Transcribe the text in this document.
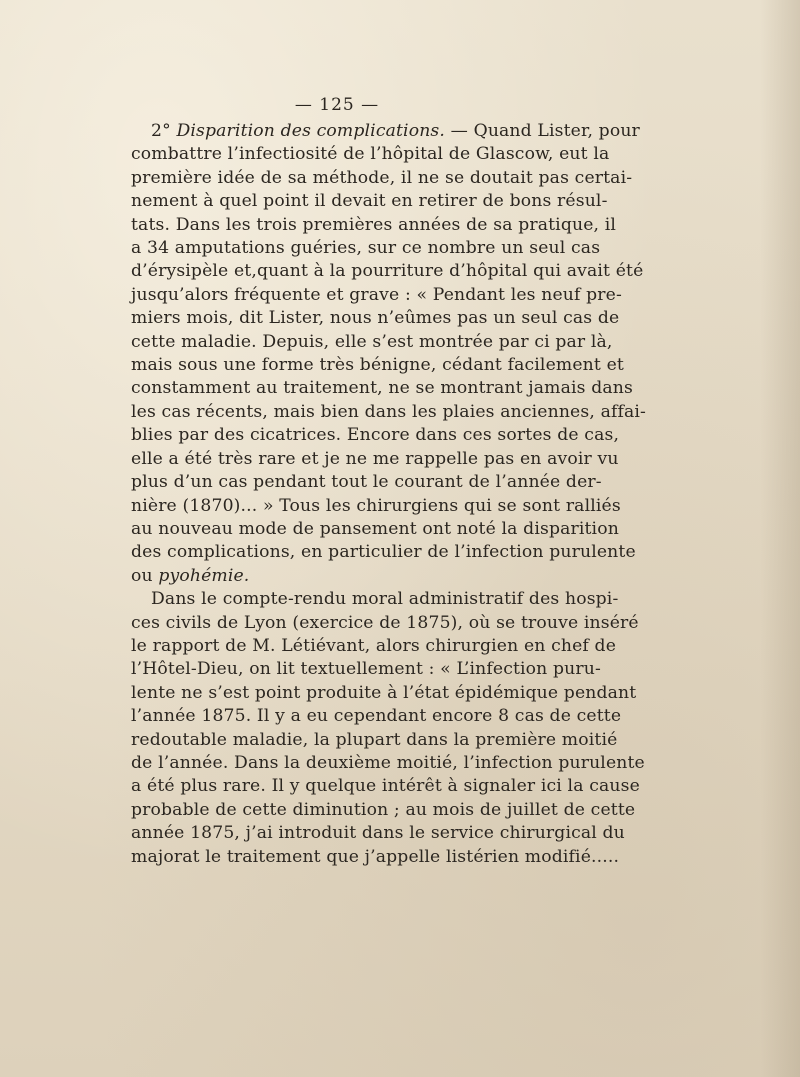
— 125 —
2° Disparition des complications. — Quand Lister, pour
combattre l’infectiosité de l’hôpital de Glascow, eut la
première idée de sa méthode, il ne se doutait pas certai-
nement à quel point il devait en retirer de bons résul-
tats. Dans les trois premières années de sa pratique, il
a 34 amputations guéries, sur ce nombre un seul cas
d’érysipèle et,quant à la pourriture d’hôpital qui avait été
jusqu’alors fréquente et grave : « Pendant les neuf pre-
miers mois, dit Lister, nous n’eûmes pas un seul cas de
cette maladie. Depuis, elle s’est montrée par ci par là,
mais sous une forme très bénigne, cédant facilement et
constamment au traitement, ne se montrant jamais dans
les cas récents, mais bien dans les plaies anciennes, affai-
blies par des cicatrices. Encore dans ces sortes de cas,
elle a été très rare et je ne me rappelle pas en avoir vu
plus d’un cas pendant tout le courant de l’année der-
nière (1870)... » Tous les chirurgiens qui se sont ralliés
au nouveau mode de pansement ont noté la disparition
des complications, en particulier de l’infection purulente
ou pyohémie.
Dans le compte-rendu moral administratif des hospi-
ces civils de Lyon (exercice de 1875), où se trouve inséré
le rapport de M. Létiévant, alors chirurgien en chef de
l’Hôtel-Dieu, on lit textuellement : « L’infection puru-
lente ne s’est point produite à l’état épidémique pendant
l’année 1875. Il y a eu cependant encore 8 cas de cette
redoutable maladie, la plupart dans la première moitié
de l’année. Dans la deuxième moitié, l’infection purulente
a été plus rare. Il y quelque intérêt à signaler ici la cause
probable de cette diminution ; au mois de juillet de cette
année 1875, j’ai introduit dans le service chirurgical du
majorat le traitement que j’appelle listérien modifié.....
